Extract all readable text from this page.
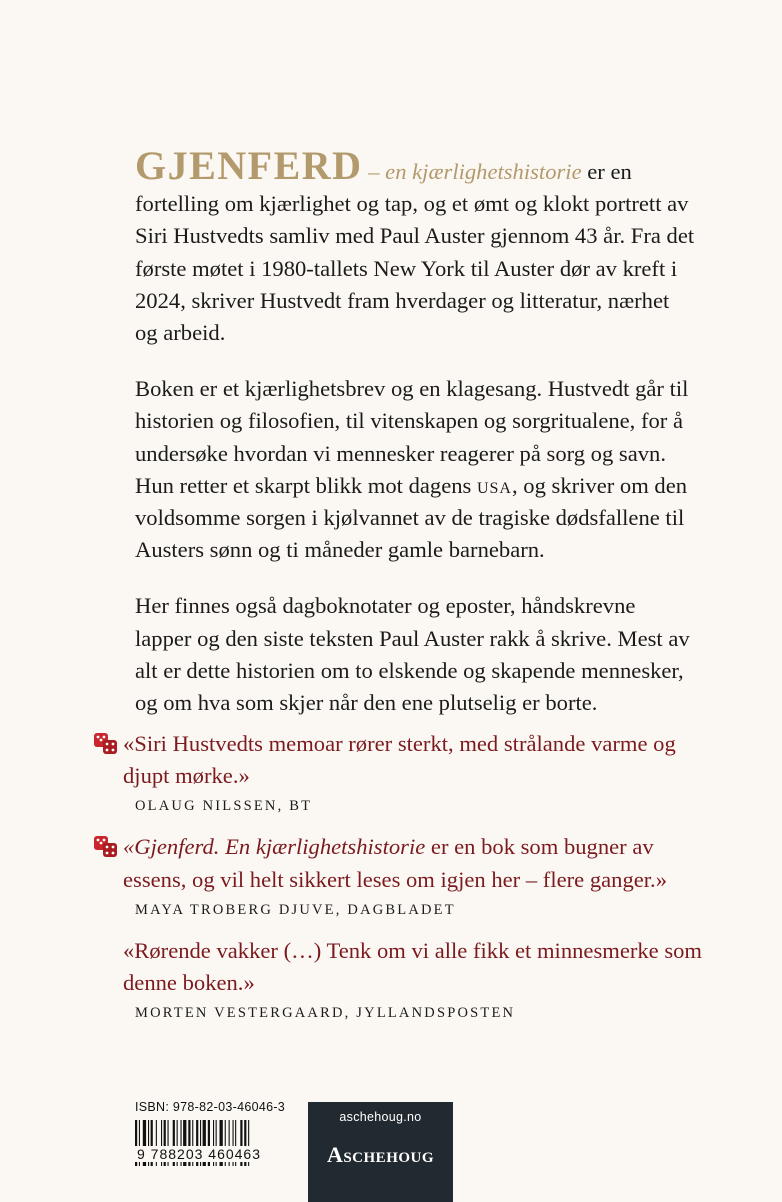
GJENFERD – en kjærlighetshistorie er en fortelling om kjærlighet og tap, og et ømt og klokt portrett av Siri Hustvedts samliv med Paul Auster gjennom 43 år. Fra det første møtet i 1980-tallets New York til Auster dør av kreft i 2024, skriver Hustvedt fram hverdager og litteratur, nærhet og arbeid.

Boken er et kjærlighetsbrev og en klagesang. Hustvedt går til historien og filosofien, til vitenskapen og sorgritualene, for å undersøke hvordan vi mennesker reagerer på sorg og savn. Hun retter et skarpt blikk mot dagens usa, og skriver om den voldsomme sorgen i kjølvannet av de tragiske dødsfallene til Austers sønn og ti måneder gamle barnebarn.

Her finnes også dagboknotater og eposter, håndskrevne lapper og den siste teksten Paul Auster rakk å skrive. Mest av alt er dette historien om to elskende og skapende mennesker, og om hva som skjer når den ene plutselig er borte.

«Siri Hustvedts memoar rører sterkt, med strålande varme og djupt mørke.»
OLAUG NILSSEN, BT
«Gjenferd. En kjærlighetshistorie er en bok som bugner av essens, og vil helt sikkert leses om igjen her – flere ganger.»
MAYA TROBERG DJUVE, DAGBLADET
«Rørende vakker (…) Tenk om vi alle fikk et minnesmerke som denne boken.»
MORTEN VESTERGAARD, JYLLANDSPOSTEN
ISBN: 978-82-03-46046-3
9 788203 460463
aschehoug.no
Aschehoug
